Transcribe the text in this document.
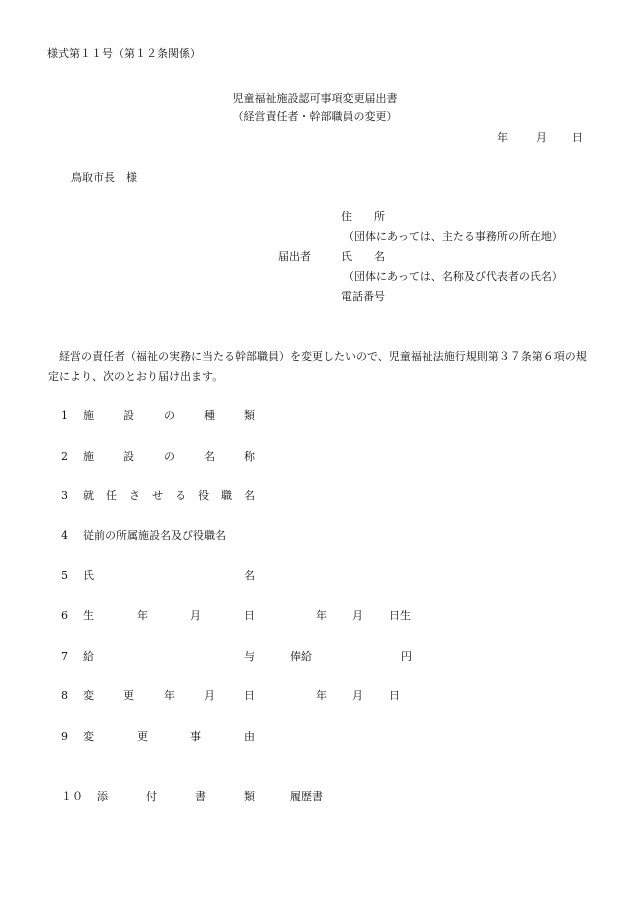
様式第１１号（第１２条関係）
児童福祉施設認可事項変更届出書
（経営責任者・幹部職員の変更）
年	月 日
鳥取市長　様
住　　所
（団体にあっては、主たる事務所の所在地）
届出者	氏　　名
（団体にあっては、名称及び代表者の氏名）
電話番号
　経営の責任者（福祉の実務に当たる幹部職員）を変更したいので、児童福祉法施行規則第３７条第６項の規定により、次のとおり届け出ます。
1 施	設	の	種	類
2 施	設	の	名	称
3 就 任 さ せ る 役 職 名
4 従前の所属施設名及び役職名
5 氏	名
6 生	年	月	日	年 月 日生
7 給	与	俸給	円
8 変	更	年	月	日	年 月 日
9 変	更	事	由
１０ 添	付	書	類	履歴書
